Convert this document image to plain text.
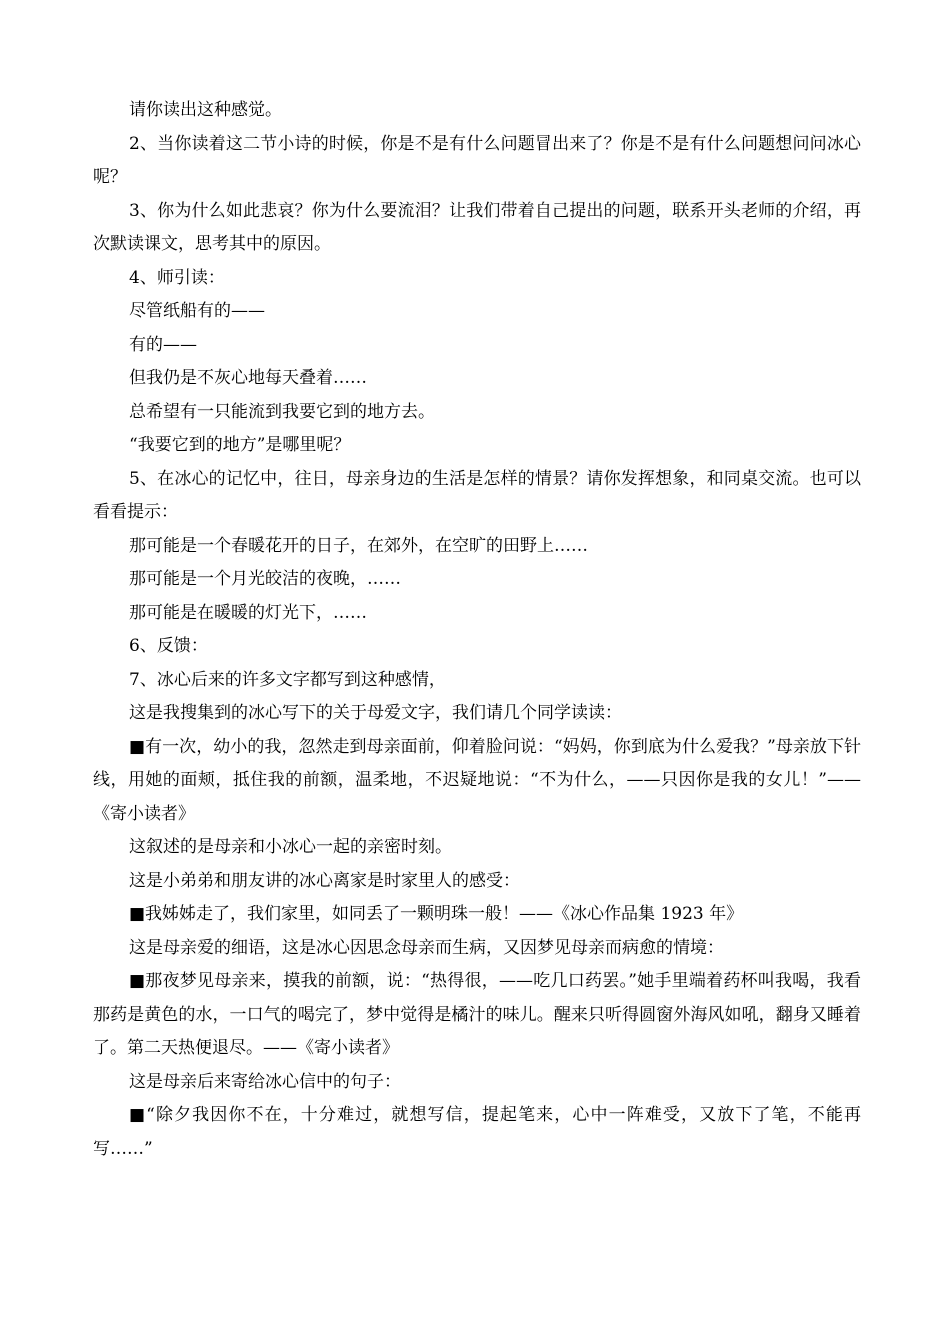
请你读出这种感觉。

2、当你读着这二节小诗的时候，你是不是有什么问题冒出来了？你是不是有什么问题想问问冰心呢？

3、你为什么如此悲哀？你为什么要流泪？让我们带着自己提出的问题，联系开头老师的介绍，再次默读课文，思考其中的原因。

4、师引读：

尽管纸船有的——

有的——

但我仍是不灰心地每天叠着……

总希望有一只能流到我要它到的地方去。

“我要它到的地方”是哪里呢？

5、在冰心的记忆中，往日，母亲身边的生活是怎样的情景？请你发挥想象，和同桌交流。也可以看看提示：

那可能是一个春暖花开的日子，在郊外，在空旷的田野上……

那可能是一个月光皎洁的夜晚，……

那可能是在暖暖的灯光下，……

6、反馈：

7、冰心后来的许多文字都写到这种感情，

这是我搜集到的冰心写下的关于母爱文字，我们请几个同学读读：

■有一次，幼小的我，忽然走到母亲面前，仰着脸问说：“妈妈，你到底为什么爱我？”母亲放下针线，用她的面颊，抵住我的前额，温柔地，不迟疑地说：“不为什么，——只因你是我的女儿！”——《寄小读者》

这叙述的是母亲和小冰心一起的亲密时刻。

这是小弟弟和朋友讲的冰心离家是时家里人的感受：

■我姊姊走了，我们家里，如同丢了一颗明珠一般！——《冰心作品集 1923 年》

这是母亲爱的细语，这是冰心因思念母亲而生病，又因梦见母亲而病愈的情境：

■那夜梦见母亲来，摸我的前额，说：“热得很，——吃几口药罢。”她手里端着药杯叫我喝，我看那药是黄色的水，一口气的喝完了，梦中觉得是橘汁的味儿。醒来只听得圆窗外海风如吼，翻身又睡着了。第二天热便退尽。——《寄小读者》

这是母亲后来寄给冰心信中的句子：

■“除夕我因你不在，十分难过，就想写信，提起笔来，心中一阵难受，又放下了笔，不能再写……”
